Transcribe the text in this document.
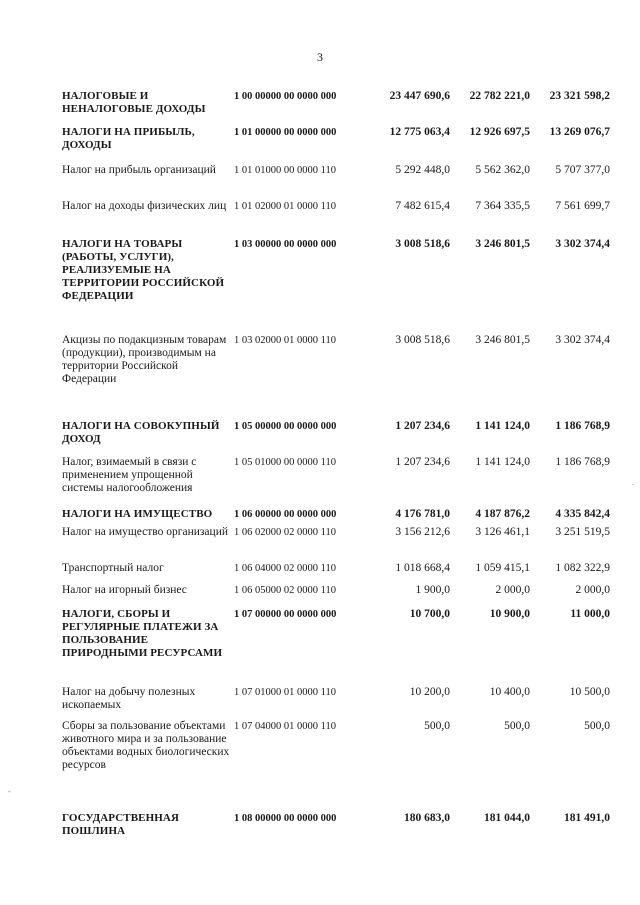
3
НАЛОГОВЫЕ И НЕНАЛОГОВЫЕ ДОХОДЫ	1 00 00000 00 0000 000	23 447 690,6	22 782 221,0	23 321 598,2
НАЛОГИ НА ПРИБЫЛЬ, ДОХОДЫ	1 01 00000 00 0000 000	12 775 063,4	12 926 697,5	13 269 076,7
Налог на прибыль организаций	1 01 01000 00 0000 110	5 292 448,0	5 562 362,0	5 707 377,0
Налог на доходы физических лиц	1 01 02000 01 0000 110	7 482 615,4	7 364 335,5	7 561 699,7
НАЛОГИ НА ТОВАРЫ (РАБОТЫ, УСЛУГИ), РЕАЛИЗУЕМЫЕ НА ТЕРРИТОРИИ РОССИЙСКОЙ ФЕДЕРАЦИИ	1 03 00000 00 0000 000	3 008 518,6	3 246 801,5	3 302 374,4
Акцизы по подакцизным товарам (продукции), производимым на территории Российской Федерации	1 03 02000 01 0000 110	3 008 518,6	3 246 801,5	3 302 374,4
НАЛОГИ НА СОВОКУПНЫЙ ДОХОД	1 05 00000 00 0000 000	1 207 234,6	1 141 124,0	1 186 768,9
Налог, взимаемый в связи с применением упрощенной системы налогообложения	1 05 01000 00 0000 110	1 207 234,6	1 141 124,0	1 186 768,9
НАЛОГИ НА ИМУЩЕСТВО	1 06 00000 00 0000 000	4 176 781,0	4 187 876,2	4 335 842,4
Налог на имущество организаций	1 06 02000 02 0000 110	3 156 212,6	3 126 461,1	3 251 519,5
Транспортный налог	1 06 04000 02 0000 110	1 018 668,4	1 059 415,1	1 082 322,9
Налог на игорный бизнес	1 06 05000 02 0000 110	1 900,0	2 000,0	2 000,0
НАЛОГИ, СБОРЫ И РЕГУЛЯРНЫЕ ПЛАТЕЖИ ЗА ПОЛЬЗОВАНИЕ ПРИРОДНЫМИ РЕСУРСАМИ	1 07 00000 00 0000 000	10 700,0	10 900,0	11 000,0
Налог на добычу полезных ископаемых	1 07 01000 01 0000 110	10 200,0	10 400,0	10 500,0
Сборы за пользование объектами животного мира и за пользование объектами водных биологических ресурсов	1 07 04000 01 0000 110	500,0	500,0	500,0
ГОСУДАРСТВЕННАЯ ПОШЛИНА	1 08 00000 00 0000 000	180 683,0	181 044,0	181 491,0
-
.
